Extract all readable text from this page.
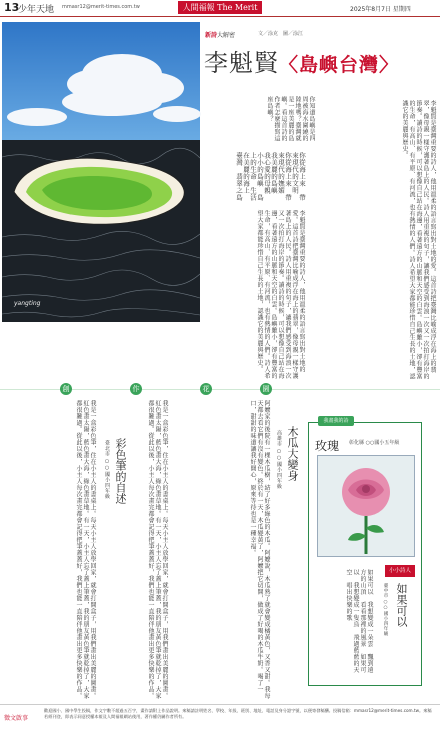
13
少年天地 mmasr12@merit-times.com.tw	人間福報 The Merit Times
2025年8月7日 星期四
yangting
新詩大解密	文／涂克　圖／涂江
李魁賢〈島嶼台灣〉
你知道島嶼是四周被海水圍繞的陸地嗎？臺灣就是一座美麗的島嶼。看這首詩的作者怎麼描寫這座島嶼？
你從海上來　帶來現代的文明　你從海上來　帶來現代的嫵媚　我美麗的島嶼　我心愛的母親　小小的島嶼　島上的生命　生活在美麗的海上　臺灣　翡翠之島	李魁賢是臺灣重要的詩人，他用溫柔的語言寫出對土地的愛。這首詩把臺灣比喻成浮在海上的翡翠，像母親一樣守護著島上的人民。詩人用重複的句子，讓我們感受到海浪一次又一次拍打海岸的節奏。讀詩的時候，可以想像自己站在海邊，看著遠方的山脈和天空的白雲。島嶼雖小，卻有豐富的生命，有高山、有平原、有河流，也有熱情的人們。詩人希望大家都能珍惜自己生長的土地，認識它的美麗與歷史。
李魁賢是臺灣重要的詩人，他用溫柔的語言寫出對土地的愛。這首詩把臺灣比喻成浮在海上的翡翠，像母親一樣守護著島上的人民。詩人用重複的句子，讓我們感受到海浪一次又一次拍打海岸的節奏。讀詩的時候，可以想像自己站在海邊，看著遠方的山脈和天空的白雲。島嶼雖小，卻有豐富的生命，有高山、有平原、有河流，也有熱情的人們。詩人希望大家都能珍惜自己生長的土地，認識它的美麗與歷史。
創	作	花	園
彩色筆的自述
臺北市 ○○國小四年級
我是一盒彩色筆，住在小主人的書桌上。每天小主人放學回家，就會打開盒子，用我們畫出美麗的圖畫。紅色畫太陽，藍色畫大海，綠色畫草地。有一天，小主人忘了蓋上筆蓋，我的朋友黃色筆就乾掉了，大家都很難過。從此以後，小主人每次畫完都會記得把筆蓋蓋好，我們也能一直陪伴他畫出更多快樂的作品。	我是一盒彩色筆，住在小主人的書桌上。每天小主人放學回家，就會打開盒子，用我們畫出美麗的圖畫。紅色畫太陽，藍色畫大海，綠色畫草地。有一天，小主人忘了蓋上筆蓋，我的朋友黃色筆就乾掉了，大家都很難過。從此以後，小主人每次畫完都會記得把筆蓋蓋好，我們也能一直陪伴他畫出更多快樂的作品。	木瓜大變身
高雄市 ○○國小四年級
阿嬤家的後院有一棵木瓜樹，結了好多綠色的木瓜。阿嬤說，木瓜熟了就會變成橘黃色，又香又甜。我每天都去看它們有沒有變色。終於有一天，木瓜變黃了，阿嬤把它切開，做成了好喝的木瓜牛奶。喝了一口，甜甜的味道讓我好開心，原來等待也是一種幸福。	玫瑰 彰化縣 ○○國小五年級
小小詩人
如果可以
臺中市 ○○國小四年級
如果可以　我想變成一朵雲　飄到遠方的山頂　看看那裡的風景　如果可以　我想變成一隻鳥　飛過藍藍的天空　唱出快樂的歌
我畫我的詩
徵文啟事
歡迎國小、國中學生投稿，作文字數不超過五百字，畫作請附上作品說明。來稿請註明姓名、學校、年級、班別、地址、電話及身分證字號，以便寄發稿酬。投稿信箱：mmasr12@merit-times.com.tw。來稿若經刊登，即表示同意授權本報及人間福報網站使用，著作權仍屬作者所有。
